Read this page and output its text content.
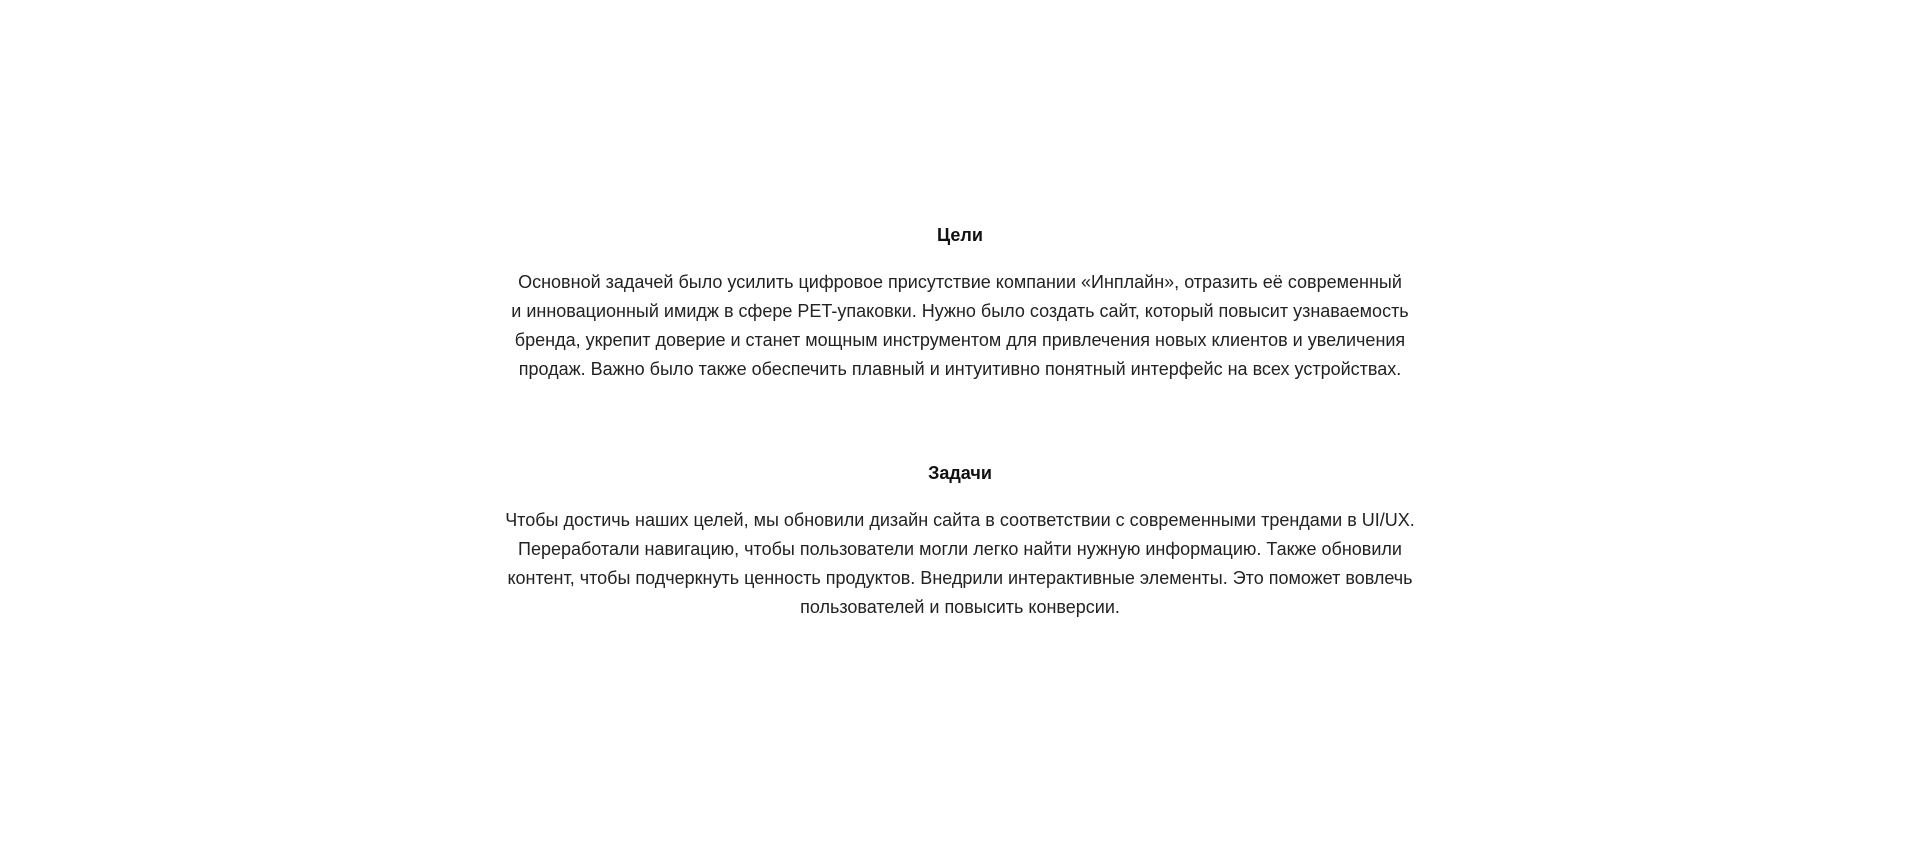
Цели

Основной задачей было усилить цифровое присутствие компании «Инплайн», отразить её современный
и инновационный имидж в сфере PET-упаковки. Нужно было создать сайт, который повысит узнаваемость
бренда, укрепит доверие и станет мощным инструментом для привлечения новых клиентов и увеличения
продаж. Важно было также обеспечить плавный и интуитивно понятный интерфейс на всех устройствах.

Задачи

Чтобы достичь наших целей, мы обновили дизайн сайта в соответствии с современными трендами в UI/UX.
Переработали навигацию, чтобы пользователи могли легко найти нужную информацию. Также обновили
контент, чтобы подчеркнуть ценность продуктов. Внедрили интерактивные элементы. Это поможет вовлечь
пользователей и повысить конверсии.
